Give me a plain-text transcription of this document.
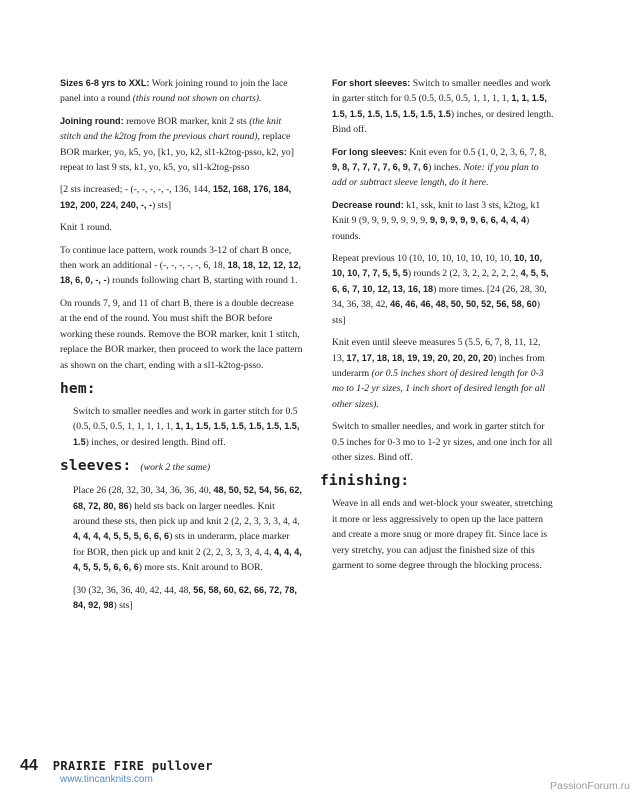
Sizes 6-8 yrs to XXL: Work joining round to join the lace panel into a round (this round not shown on charts).

Joining round: remove BOR marker, knit 2 sts (the knit stitch and the k2tog from the previous chart round), replace BOR marker, yo, k5, yo, [k1, yo, k2, sl1-k2tog-psso, k2, yo] repeat to last 9 sts, k1, yo, k5, yo, sl1-k2tog-psso

[2 sts increased; - (-, -, -, -, -, 136, 144, 152, 168, 176, 184, 192, 200, 224, 240, -, -) sts]

Knit 1 round.

To continue lace pattern, work rounds 3-12 of chart B once, then work an additional - (-, -, -, -, -, 6, 18, 18, 18, 12, 12, 12, 18, 6, 0, -, -) rounds following chart B, starting with round 1.

On rounds 7, 9, and 11 of chart B, there is a double decrease at the end of the round. You must shift the BOR before working these rounds. Remove the BOR marker, knit 1 stitch, replace the BOR marker, then proceed to work the lace pattern as shown on the chart, ending with a sl1-k2tog-psso.

hem:

Switch to smaller needles and work in garter stitch for 0.5 (0.5, 0.5, 0.5, 1, 1, 1, 1, 1, 1, 1, 1.5, 1.5, 1.5, 1.5, 1.5, 1.5, 1.5) inches, or desired length. Bind off.

sleeves: (work 2 the same)

Place 26 (28, 32, 30, 34, 36, 36, 40, 48, 50, 52, 54, 56, 62, 68, 72, 80, 86) held sts back on larger needles. Knit around these sts, then pick up and knit 2 (2, 2, 3, 3, 3, 4, 4, 4, 4, 4, 4, 5, 5, 5, 6, 6, 6) sts in underarm, place marker for BOR, then pick up and knit 2 (2, 2, 3, 3, 3, 4, 4, 4, 4, 4, 4, 5, 5, 5, 6, 6, 6) more sts. Knit around to BOR.

[30 (32, 36, 36, 40, 42, 44, 48, 56, 58, 60, 62, 66, 72, 78, 84, 92, 98) sts]

For short sleeves: Switch to smaller needles and work in garter stitch for 0.5 (0.5, 0.5, 0.5, 1, 1, 1, 1, 1, 1, 1.5, 1.5, 1.5, 1.5, 1.5, 1.5, 1.5, 1.5) inches, or desired length. Bind off.

For long sleeves: Knit even for 0.5 (1, 0, 2, 3, 6, 7, 8, 9, 8, 7, 7, 7, 7, 6, 9, 7, 6) inches. Note: if you plan to add or subtract sleeve length, do it here.

Decrease round: k1, ssk, knit to last 3 sts, k2tog, k1 Knit 9 (9, 9, 9, 9, 9, 9, 9, 9, 9, 9, 9, 9, 6, 6, 4, 4, 4) rounds.

Repeat previous 10 (10, 10, 10, 10, 10, 10, 10, 10, 10, 10, 10, 7, 7, 5, 5, 5) rounds 2 (2, 3, 2, 2, 2, 2, 2, 4, 5, 5, 6, 6, 7, 10, 12, 13, 16, 18) more times. [24 (26, 28, 30, 34, 36, 38, 42, 46, 46, 46, 48, 50, 50, 52, 56, 58, 60) sts]

Knit even until sleeve measures 5 (5.5, 6, 7, 8, 11, 12, 13, 17, 17, 18, 18, 19, 19, 20, 20, 20, 20) inches from underarm (or 0.5 inches short of desired length for 0-3 mo to 1-2 yr sizes, 1 inch short of desired length for all other sizes).

Switch to smaller needles, and work in garter stitch for 0.5 inches for 0-3 mo to 1-2 yr sizes, and one inch for all other sizes. Bind off.

finishing:

Weave in all ends and wet-block your sweater, stretching it more or less aggressively to open up the lace pattern and create a more snug or more drapey fit. Since lace is very stretchy, you can adjust the finished size of this garment to some degree through the blocking process.

44 PRAIRIE FIRE pullover
www.tincanknits.com
PassionForum.ru
